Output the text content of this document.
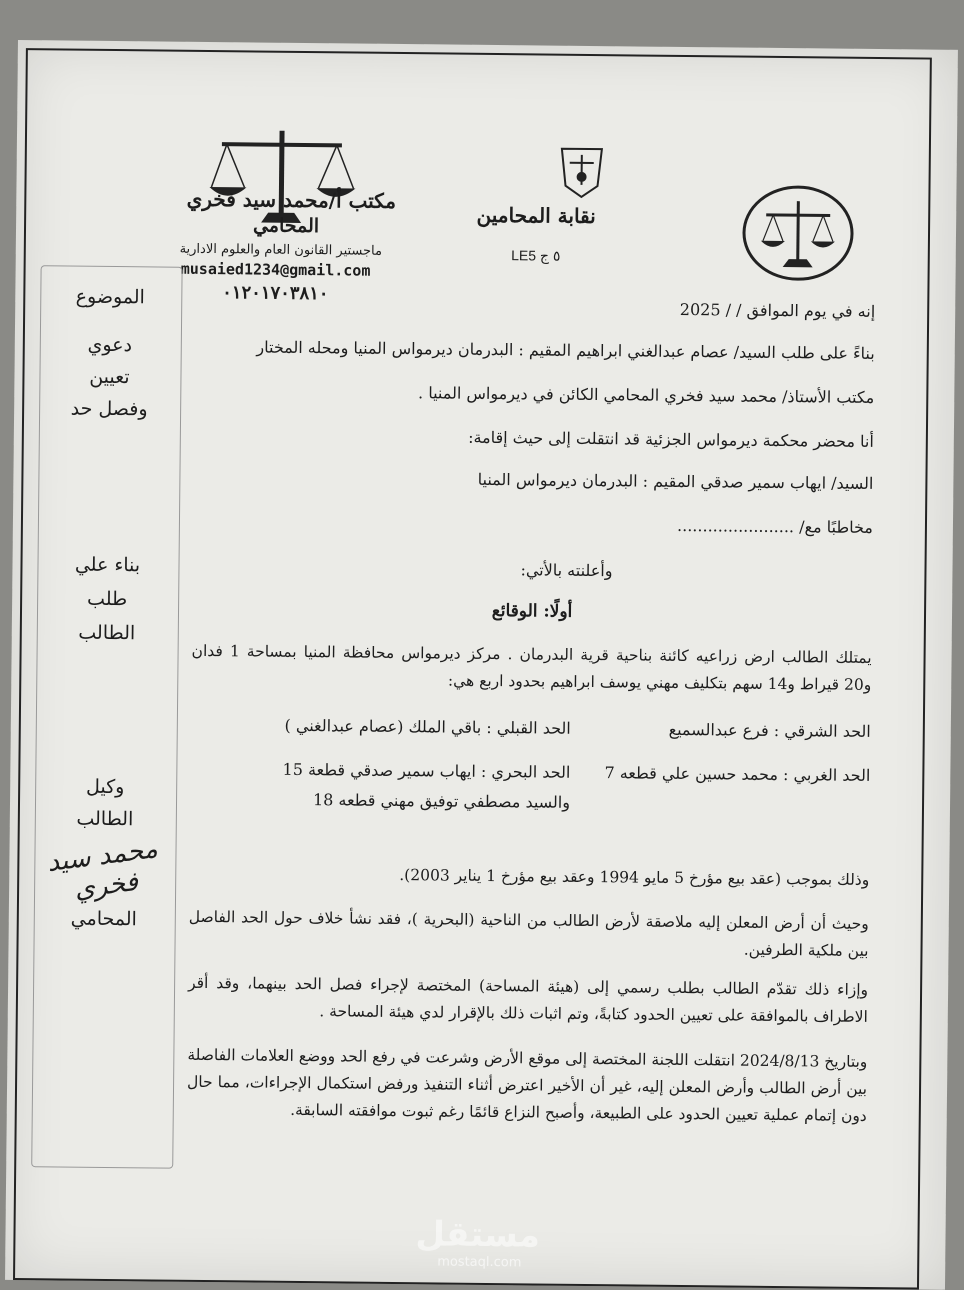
مكتب أ/محمد سيد فخري
المحامي
ماجستير القانون العام والعلوم الادارية
musaied1234@gmail.com
٠١٢٠١٧٠٣٨١٠
نقابة المحامين
LE5 ٥ ج
الموضوع
دعوي
تعيين
وفصل حد
بناء علي
طلب
الطالب
وكيل
الطالب
محمد سيد فخري
المحامي
إنه في يوم الموافق / / 2025
بناءً على طلب السيد/ عصام عبدالغني ابراهيم المقيم : البدرمان ديرمواس المنيا ومحله المختار
مكتب الأستاذ/ محمد سيد فخري المحامي الكائن في ديرمواس المنيا .
أنا محضر محكمة ديرمواس الجزئية قد انتقلت إلى حيث إقامة:
السيد/ ايهاب سمير صدقي المقيم : البدرمان ديرمواس المنيا
مخاطبًا مع/ .......................
وأعلنته بالأتي:
أولًا: الوقائع
يمتلك الطالب ارض زراعيه كائنة بناحية قرية البدرمان . مركز ديرمواس محافظة المنيا بمساحة 1 فدان و20 قيراط و14 سهم بتكليف مهني يوسف ابراهيم بحدود اربع هي:
الحد الشرقي : فرع عبدالسميع
الحد القبلي : باقي الملك (عصام عبدالغني )
الحد الغربي : محمد حسين علي قطعه 7
الحد البحري : ايهاب سمير صدقي قطعة 15
والسيد مصطفي توفيق مهني قطعه 18
وذلك بموجب (عقد بيع مؤرخ 5 مايو 1994 وعقد بيع مؤرخ 1 يناير 2003).
وحيث أن أرض المعلن إليه ملاصقة لأرض الطالب من الناحية (البحرية )، فقد نشأ خلاف حول الحد الفاصل بين ملكية الطرفين.
وإزاء ذلك تقدّم الطالب بطلب رسمي إلى (هيئة المساحة) المختصة لإجراء فصل الحد بينهما، وقد أقر الاطراف بالموافقة على تعيين الحدود كتابةً، وتم اثبات ذلك بالإقرار لدي هيئة المساحة .
وبتاريخ 2024/8/13 انتقلت اللجنة المختصة إلى موقع الأرض وشرعت في رفع الحد ووضع العلامات الفاصلة بين أرض الطالب وأرض المعلن إليه، غير أن الأخير اعترض أثناء التنفيذ ورفض استكمال الإجراءات، مما حال دون إتمام عملية تعيين الحدود على الطبيعة، وأصبح النزاع قائمًا رغم ثبوت موافقته السابقة.
مستقل
mostaql.com
